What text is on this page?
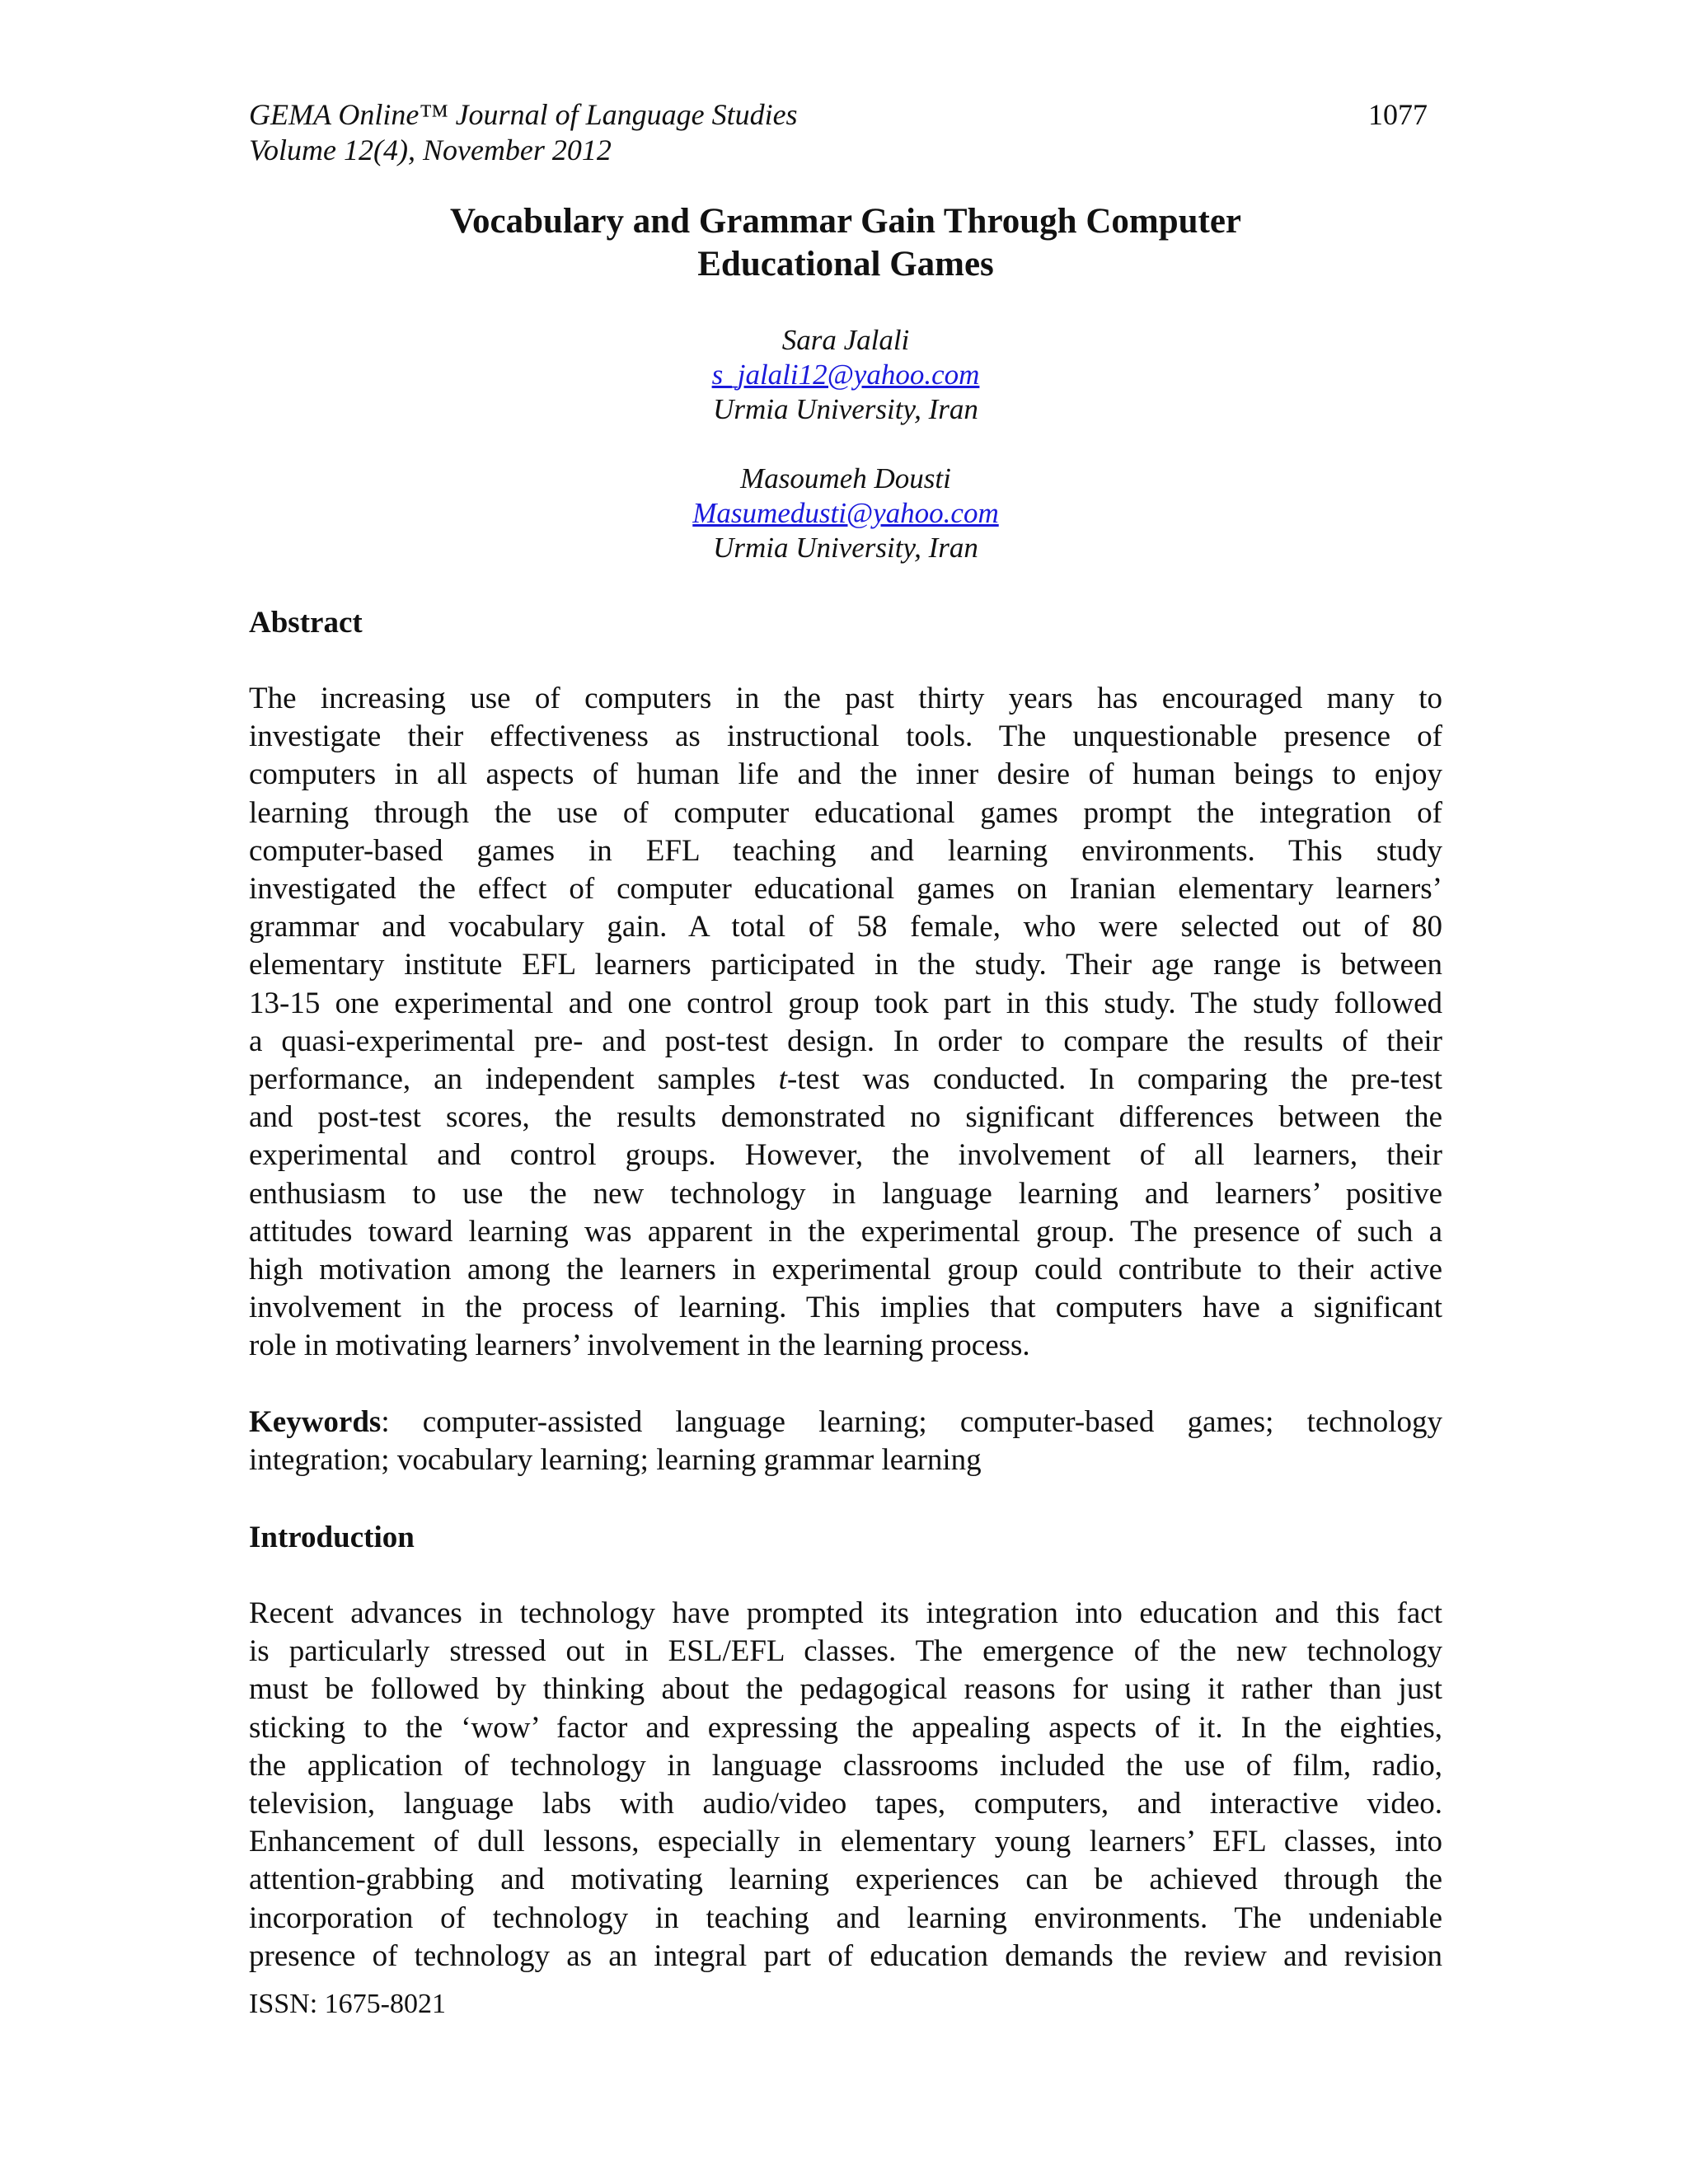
GEMA Online™ Journal of Language Studies
Volume 12(4), November 2012
1077
Vocabulary and Grammar Gain Through Computer
Educational Games
Sara Jalali
s_jalali12@yahoo.com
Urmia University, Iran
Masoumeh Dousti
Masumedusti@yahoo.com
Urmia University, Iran
Abstract
The increasing use of computers in the past thirty years has encouraged many to
investigate their effectiveness as instructional tools. The unquestionable presence of
computers in all aspects of human life and the inner desire of human beings to enjoy
learning through the use of computer educational games prompt the integration of
computer-based games in EFL teaching and learning environments. This study
investigated the effect of computer educational games on Iranian elementary learners’
grammar and vocabulary gain. A total of 58 female, who were selected out of 80
elementary institute EFL learners participated in the study. Their age range is between
13-15 one experimental and one control group took part in this study. The study followed
a quasi-experimental pre- and post-test design. In order to compare the results of their
performance, an independent samples t-test was conducted. In comparing the pre-test
and post-test scores, the results demonstrated no significant differences between the
experimental and control groups. However, the involvement of all learners, their
enthusiasm to use the new technology in language learning and learners’ positive
attitudes toward learning was apparent in the experimental group. The presence of such a
high motivation among the learners in experimental group could contribute to their active
involvement in the process of learning. This implies that computers have a significant
role in motivating learners’ involvement in the learning process.
Keywords: computer-assisted language learning; computer-based games; technology
integration; vocabulary learning; learning grammar learning
Introduction
Recent advances in technology have prompted its integration into education and this fact
is particularly stressed out in ESL/EFL classes. The emergence of the new technology
must be followed by thinking about the pedagogical reasons for using it rather than just
sticking to the ‘wow’ factor and expressing the appealing aspects of it. In the eighties,
the application of technology in language classrooms included the use of film, radio,
television, language labs with audio/video tapes, computers, and interactive video.
Enhancement of dull lessons, especially in elementary young learners’ EFL classes, into
attention-grabbing and motivating learning experiences can be achieved through the
incorporation of technology in teaching and learning environments. The undeniable
presence of technology as an integral part of education demands the review and revision
ISSN: 1675-8021
